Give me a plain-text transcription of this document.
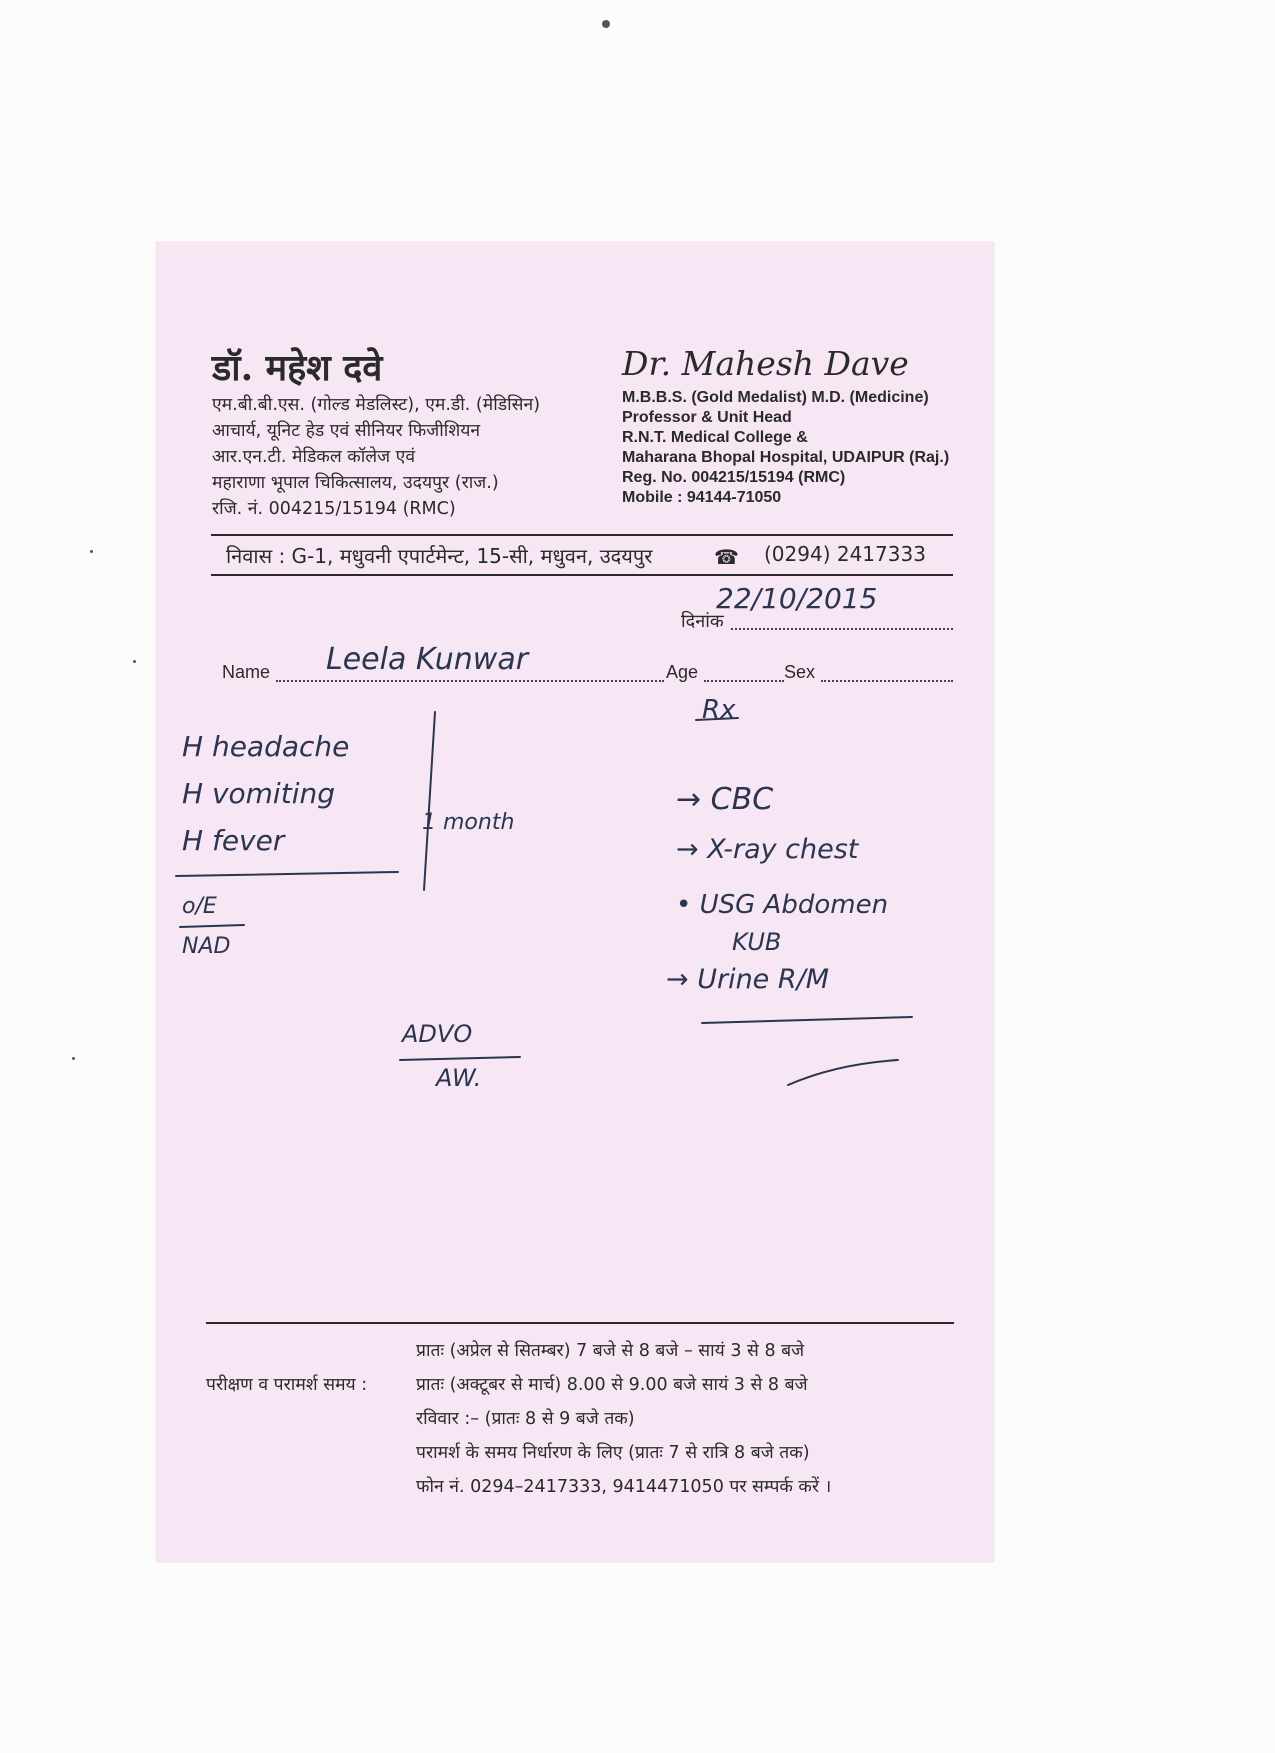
डॉ. महेश दवे
एम.बी.बी.एस. (गोल्ड मेडलिस्ट), एम.डी. (मेडिसिन)
आचार्य, यूनिट हेड एवं सीनियर फिजीशियन
आर.एन.टी. मेडिकल कॉलेज एवं
महाराणा भूपाल चिकित्सालय, उदयपुर (राज.)
रजि. नं. 004215/15194 (RMC)
Dr. Mahesh Dave
M.B.B.S. (Gold Medalist) M.D. (Medicine)
Professor & Unit Head
R.N.T. Medical College &
Maharana Bhopal Hospital, UDAIPUR (Raj.)
Reg. No. 004215/15194 (RMC)
Mobile : 94144-71050
निवास : G-1, मधुवनी एपार्टमेन्ट, 15-सी, मधुवन, उदयपुर	☎ (0294) 2417333
दिनांक
22/10/2015
Name Leela Kunwar	Age	Sex
Rx
H headache
H vomiting
H fever
1 month
o/E
NAD
→ CBC
→ X-ray chest
• USG Abdomen
KUB
→ Urine R/M
ADVO
AW.
परीक्षण व परामर्श समय :
प्रातः (अप्रेल से सितम्बर) 7 बजे से 8 बजे – सायं 3 से 8 बजे
प्रातः (अक्टूबर से मार्च) 8.00 से 9.00 बजे सायं 3 से 8 बजे
रविवार :– (प्रातः 8 से 9 बजे तक)
परामर्श के समय निर्धारण के लिए (प्रातः 7 से रात्रि 8 बजे तक)
फोन नं. 0294–2417333, 9414471050 पर सम्पर्क करें ।
